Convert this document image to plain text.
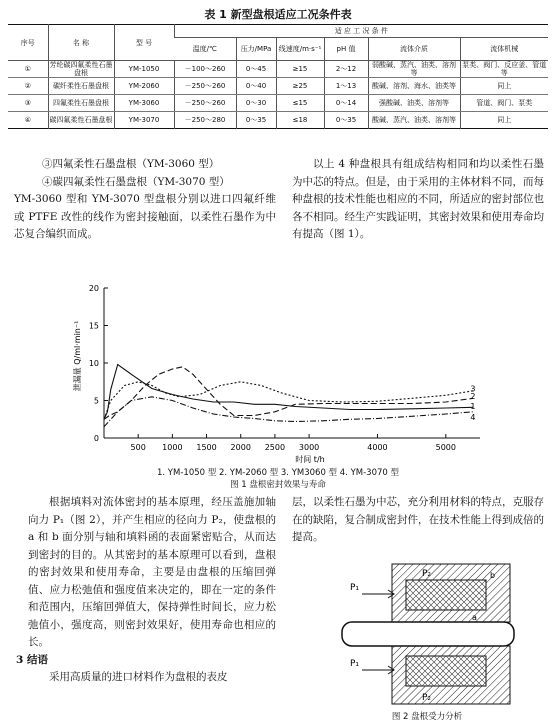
表 1 新型盘根适应工况条件表
序号	名 称	型 号	适 应 工 况 条 件					
			温度/℃	压力/MPa	线速度/m·s⁻¹	pH 值	流体介质	流体机械
①	芳纶碳四氟柔性石墨盘根	YM-1050	－100～260	0～45	≥15	2～12	弱酸碱、蒸汽、油类、溶剂等	泵类、阀门、反应釜、管道等
②	碳纤柔性石墨盘根	YM-2060	－250～260	0～40	≥25	1～13	酸碱、溶剂、海水、油类等	同上
③	四氟柔性石墨盘根	YM-3060	－250～260	0～30	≤15	0～14	强酸碱、油类、溶剂等	管道、阀门、泵类
④	碳四氟柔性石墨盘根	YM-3070	－250～280	0～35	≤18	0～35	酸碱、蒸汽、油类、溶剂等	同上
③四氟柔性石墨盘根（YM-3060 型）
④碳四氟柔性石墨盘根（YM-3070 型）
YM-3060 型和 YM-3070 型盘根分别以进口四氟纤维或 PTFE 改性的线作为密封接触面，以柔性石墨作为中芯复合编织而成。
以上 4 种盘根具有组成结构相同和均以柔性石墨为中芯的特点。但是，由于采用的主体材料不同，而每种盘根的技术性能也相应的不同，所适应的密封部位也各不相同。经生产实践证明，其密封效果和使用寿命均有提高（图 1）。
0
5
10
15
20
500 1000 1500 2000 2500 3000	4000	5000
3
2
1
4
泄漏量 Q/ml·min⁻¹
时间 t/h
1. YM-1050 型 2. YM-2060 型 3. YM3060 型 4. YM-3070 型
图 1 盘根密封效果与寿命
根据填料对流体密封的基本原理，经压盖施加轴向力 P₁（图 2），并产生相应的径向力 P₂，使盘根的 a 和 b 面分别与轴和填料函的表面紧密贴合，从而达到密封的目的。从其密封的基本原理可以看到，盘根的密封效果和使用寿命，主要是由盘根的压缩回弹值、应力松弛值和强度值来决定的，即在一定的条件和范围内，压缩回弹值大，保持弹性时间长，应力松弛值小，强度高，则密封效果好，使用寿命也相应的长。
3 结语
采用高质量的进口材料作为盘根的表皮
层，以柔性石墨为中芯，充分利用材料的特点，克服存在的缺陷，复合制成密封件，在技术性能上得到成倍的提高。
P₁
P₂
P₁
P₂
a
b
图 2 盘根受力分析
